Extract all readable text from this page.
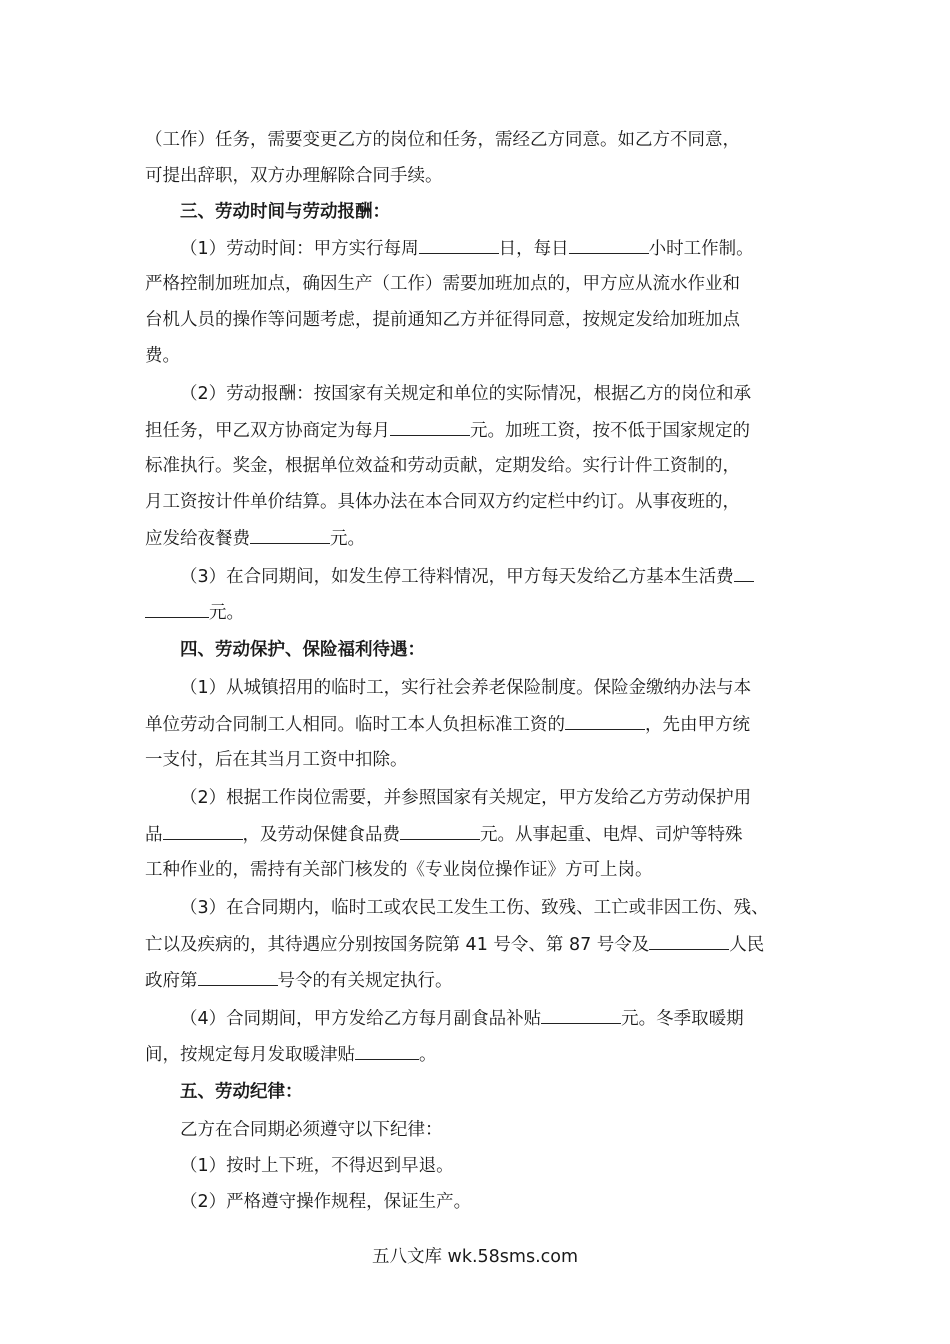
（工作）任务，需要变更乙方的岗位和任务，需经乙方同意。如乙方不同意，
可提出辞职，双方办理解除合同手续。
三、劳动时间与劳动报酬：
（1）劳动时间：甲方实行每周	日，每日	小时工作制。
严格控制加班加点，确因生产（工作）需要加班加点的，甲方应从流水作业和
台机人员的操作等问题考虑，提前通知乙方并征得同意，按规定发给加班加点
费。
（2）劳动报酬：按国家有关规定和单位的实际情况，根据乙方的岗位和承
担任务，甲乙双方协商定为每月	元。加班工资，按不低于国家规定的
标准执行。奖金，根据单位效益和劳动贡献，定期发给。实行计件工资制的，
月工资按计件单价结算。具体办法在本合同双方约定栏中约订。从事夜班的，
应发给夜餐费	元。
（3）在合同期间，如发生停工待料情况，甲方每天发给乙方基本生活费
元。
四、劳动保护、保险福利待遇：
（1）从城镇招用的临时工，实行社会养老保险制度。保险金缴纳办法与本
单位劳动合同制工人相同。临时工本人负担标准工资的	，先由甲方统
一支付，后在其当月工资中扣除。
（2）根据工作岗位需要，并参照国家有关规定，甲方发给乙方劳动保护用
品	，及劳动保健食品费	元。从事起重、电焊、司炉等特殊
工种作业的，需持有关部门核发的《专业岗位操作证》方可上岗。
（3）在合同期内，临时工或农民工发生工伤、致残、工亡或非因工伤、残、
亡以及疾病的，其待遇应分别按国务院第 41 号令、第 87 号令及	人民
政府第	号令的有关规定执行。
（4）合同期间，甲方发给乙方每月副食品补贴	元。冬季取暖期
间，按规定每月发取暖津贴	。
五、劳动纪律：
乙方在合同期必须遵守以下纪律：
（1）按时上下班，不得迟到早退。
（2）严格遵守操作规程，保证生产。
五八文库 wk.58sms.com
